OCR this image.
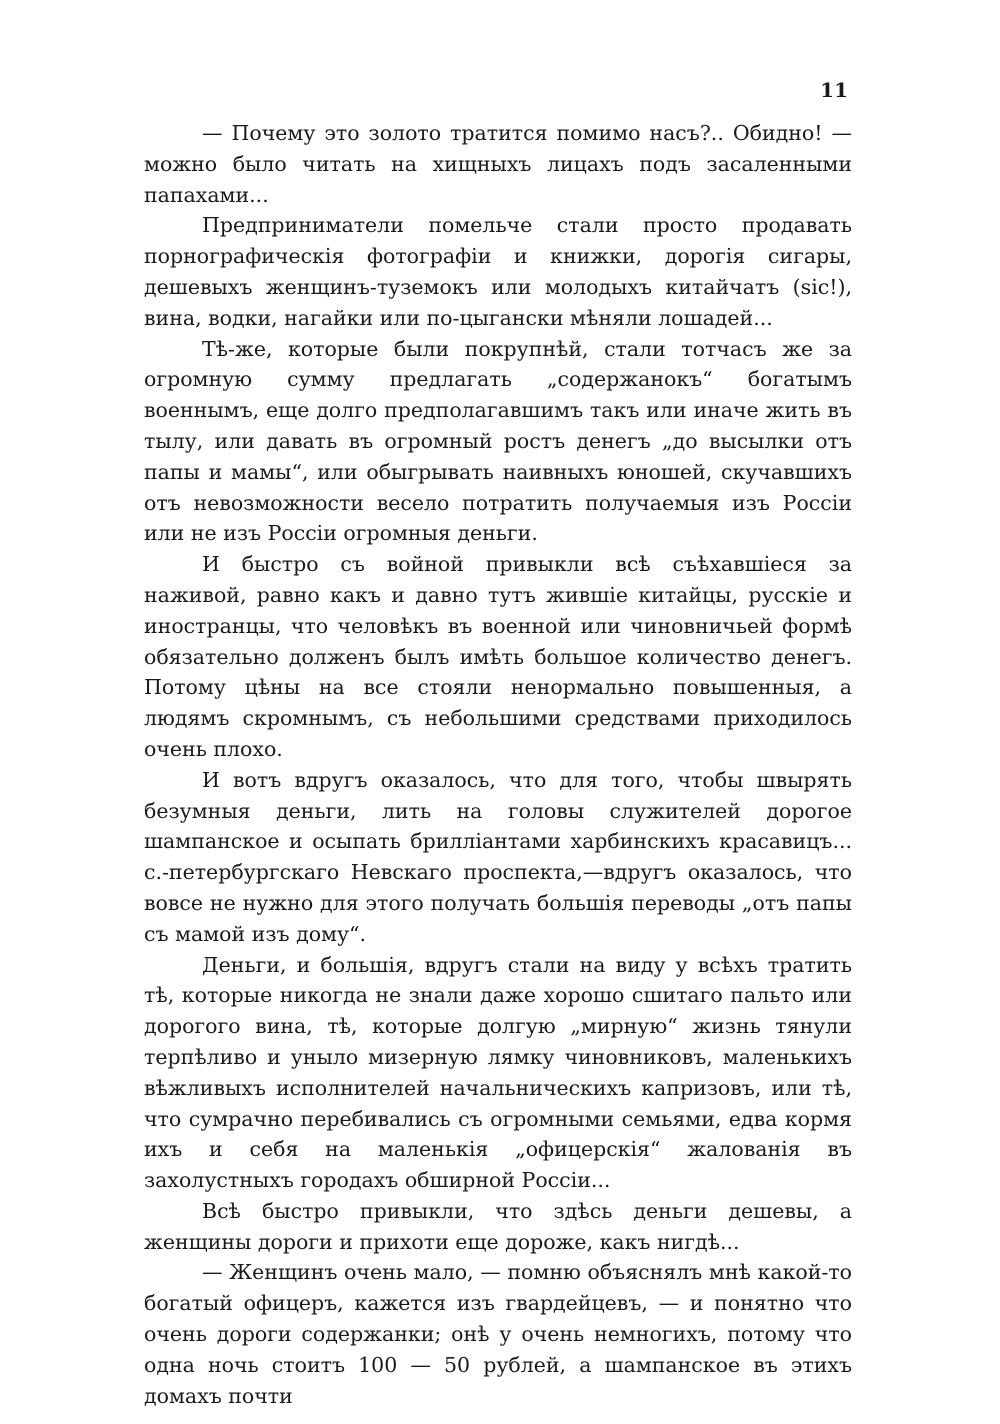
11

— Почему это золото тратится помимо насъ?.. Обидно! — можно было читать на хищныхъ лицахъ подъ засаленными папахами...

Предприниматели помельче стали просто продавать порнографическія фотографіи и книжки, дорогія сигары, дешевыхъ женщинъ-туземокъ или молодыхъ китайчатъ (sic!), вина, водки, нагайки или по-цыгански мѣняли лошадей...

Тѣ-же, которые были покрупнѣй, стали тотчасъ же за огромную сумму предлагать „содержанокъ“ богатымъ военнымъ, еще долго предполагавшимъ такъ или иначе жить въ тылу, или давать въ огромный ростъ денегъ „до высылки отъ папы и мамы“, или обыгрывать наивныхъ юношей, скучавшихъ отъ невозможности весело потратить получаемыя изъ Россіи или не изъ Россіи огромныя деньги.

И быстро съ войной привыкли всѣ съѣхавшіеся за наживой, равно какъ и давно тутъ жившіе китайцы, русскіе и иностранцы, что человѣкъ въ военной или чиновничьей формѣ обязательно долженъ былъ имѣть большое количество денегъ. Потому цѣны на все стояли ненормально повышенныя, а людямъ скромнымъ, съ небольшими средствами приходилось очень плохо.

И вотъ вдругъ оказалось, что для того, чтобы швырять безумныя деньги, лить на головы служителей дорогое шампанское и осыпать бриллiантами харбинскихъ красавицъ... с.-петербургскаго Невскаго проспекта,—вдругъ оказалось, что вовсе не нужно для этого получать большія переводы „отъ папы съ мамой изъ дому“.

Деньги, и большія, вдругъ стали на виду у всѣхъ тратить тѣ, которые никогда не знали даже хорошо сшитаго пальто или дорогого вина, тѣ, которые долгую „мирную“ жизнь тянули терпѣливо и уныло мизерную лямку чиновниковъ, маленькихъ вѣжливыхъ исполнителей начальническихъ капризовъ, или тѣ, что сумрачно перебивались съ огромными семьями, едва кормя ихъ и себя на маленькія „офицерскія“ жалованія въ захолустныхъ городахъ обширной Россіи...

Всѣ быстро привыкли, что здѣсь деньги дешевы, а женщины дороги и прихоти еще дороже, какъ нигдѣ...

— Женщинъ очень мало, — помню объяснялъ мнѣ какой-то богатый офицеръ, кажется изъ гвардейцевъ, — и понятно что очень дороги содержанки; онѣ у очень немногихъ, потому что одна ночь стоитъ 100 — 50 рублей, а шампанское въ этихъ домахъ почти
